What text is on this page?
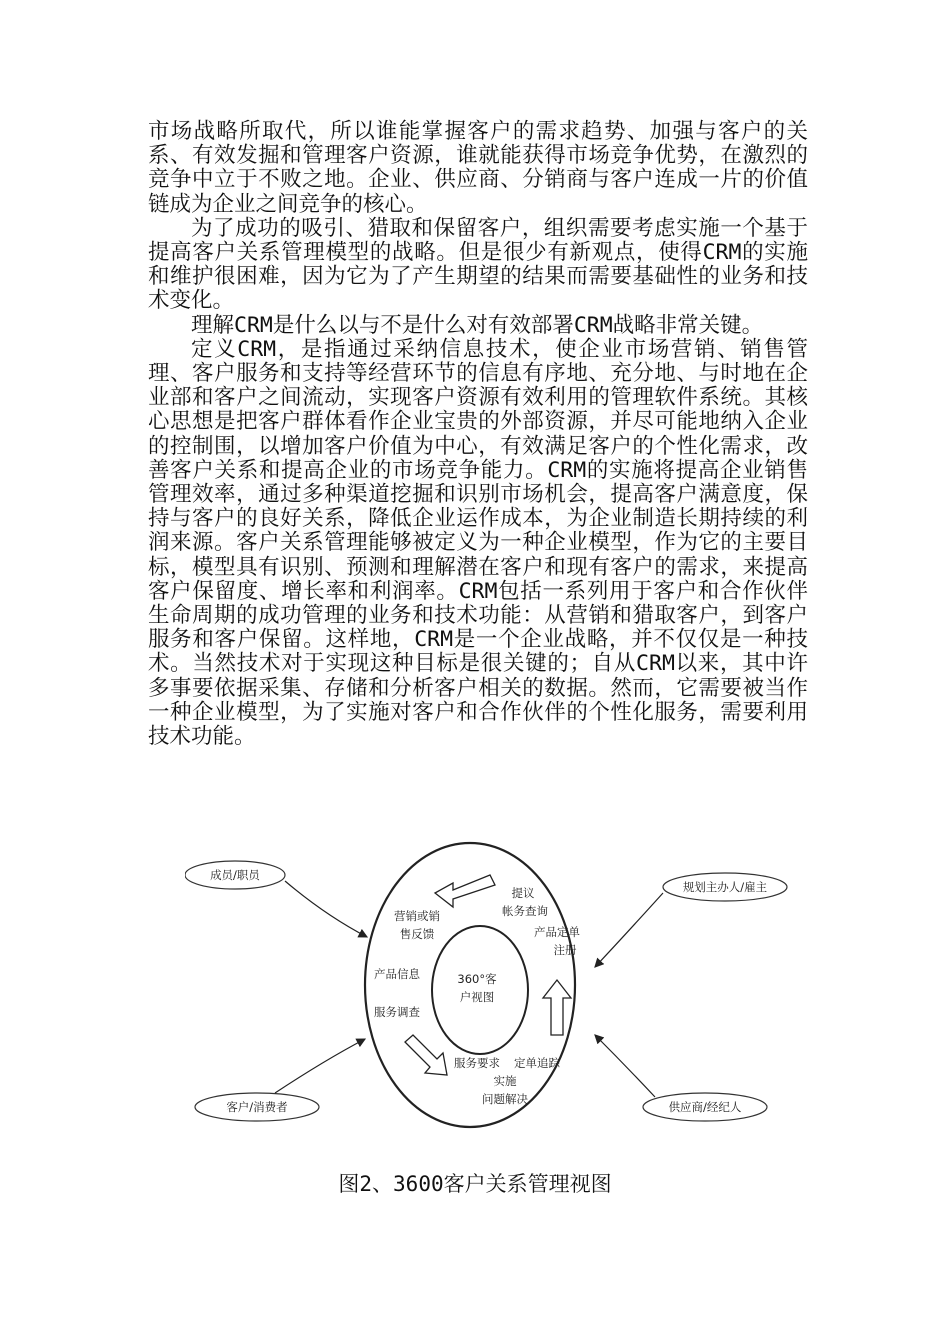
市场战略所取代，所以谁能掌握客户的需求趋势、加强与客户的关系、有效发掘和管理客户资源，谁就能获得市场竞争优势，在激烈的竞争中立于不败之地。企业、供应商、分销商与客户连成一片的价值链成为企业之间竞争的核心。

为了成功的吸引、猎取和保留客户，组织需要考虑实施一个基于提高客户关系管理模型的战略。但是很少有新观点，使得CRM的实施和维护很困难，因为它为了产生期望的结果而需要基础性的业务和技术变化。

理解CRM是什么以与不是什么对有效部署CRM战略非常关键。

定义CRM，是指通过采纳信息技术，使企业市场营销、销售管理、客户服务和支持等经营环节的信息有序地、充分地、与时地在企业部和客户之间流动，实现客户资源有效利用的管理软件系统。其核心思想是把客户群体看作企业宝贵的外部资源，并尽可能地纳入企业的控制围，以增加客户价值为中心，有效满足客户的个性化需求，改善客户关系和提高企业的市场竞争能力。CRM的实施将提高企业销售管理效率，通过多种渠道挖掘和识别市场机会，提高客户满意度，保持与客户的良好关系，降低企业运作成本，为企业制造长期持续的利润来源。客户关系管理能够被定义为一种企业模型，作为它的主要目标，模型具有识别、预测和理解潜在客户和现有客户的需求，来提高客户保留度、增长率和利润率。CRM包括一系列用于客户和合作伙伴生命周期的成功管理的业务和技术功能：从营销和猎取客户，到客户服务和客户保留。这样地，CRM是一个企业战略，并不仅仅是一种技术。当然技术对于实现这种目标是很关键的；自从CRM以来，其中许多事要依据采集、存储和分析客户相关的数据。然而，它需要被当作一种企业模型，为了实施对客户和合作伙伴的个性化服务，需要利用技术功能。

成员/职员
规划主办人/雇主
客户/消费者	供应商/经纪人
提议
帐务查询
产品定单
注册
营销或销
售反馈
产品信息
服务调查
服务要求 定单追踪
实施
问题解决
360°客
户视图
图2、3600客户关系管理视图
